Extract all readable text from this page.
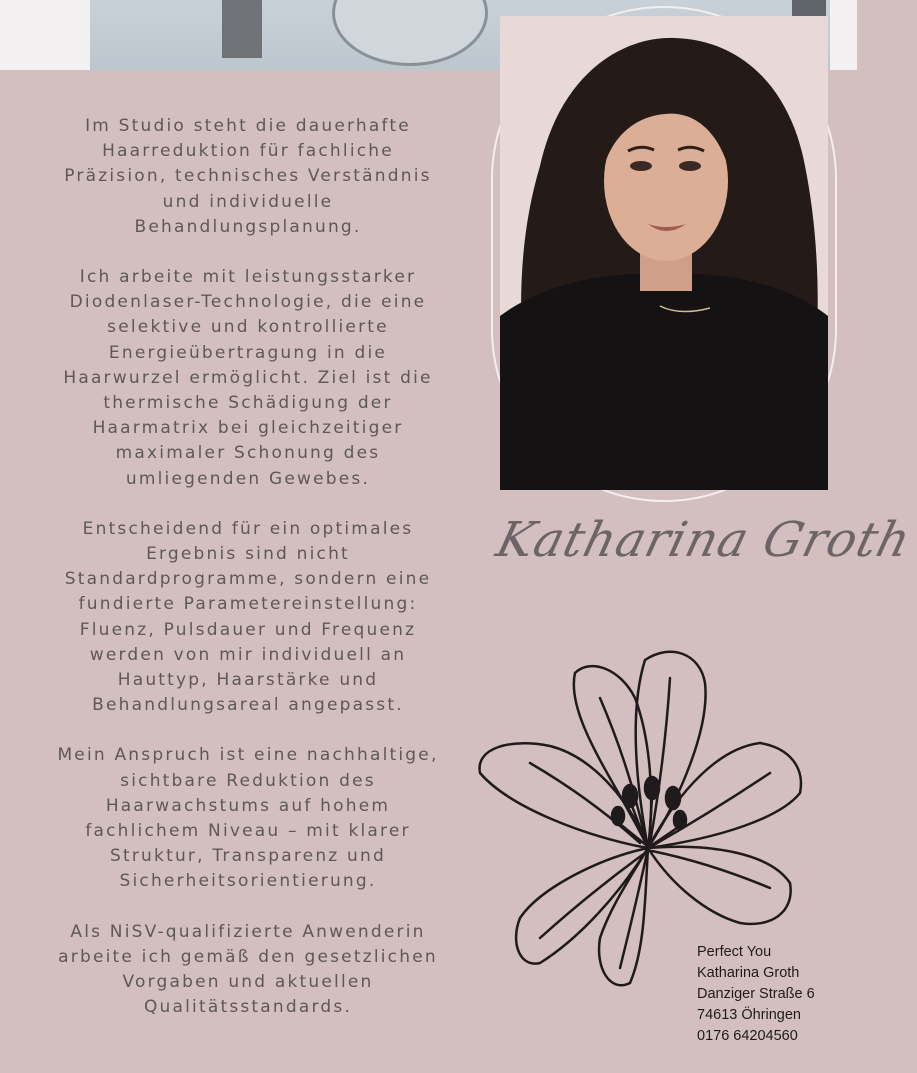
Im Studio steht die dauerhafte
Haarreduktion für fachliche
Präzision, technisches Verständnis
und individuelle
Behandlungsplanung.

Ich arbeite mit leistungsstarker
Diodenlaser-Technologie, die eine
selektive und kontrollierte
Energieübertragung in die
Haarwurzel ermöglicht. Ziel ist die
thermische Schädigung der
Haarmatrix bei gleichzeitiger
maximaler Schonung des
umliegenden Gewebes.

Entscheidend für ein optimales
Ergebnis sind nicht
Standardprogramme, sondern eine
fundierte Parametereinstellung:
Fluenz, Pulsdauer und Frequenz
werden von mir individuell an
Hauttyp, Haarstärke und
Behandlungsareal angepasst.

Mein Anspruch ist eine nachhaltige,
sichtbare Reduktion des
Haarwachstums auf hohem
fachlichem Niveau – mit klarer
Struktur, Transparenz und
Sicherheitsorientierung.

Als NiSV-qualifizierte Anwenderin
arbeite ich gemäß den gesetzlichen
Vorgaben und aktuellen
Qualitätsstandards.

Katharina Groth
Perfect You
Katharina Groth
Danziger Straße 6
74613 Öhringen
0176 64204560
